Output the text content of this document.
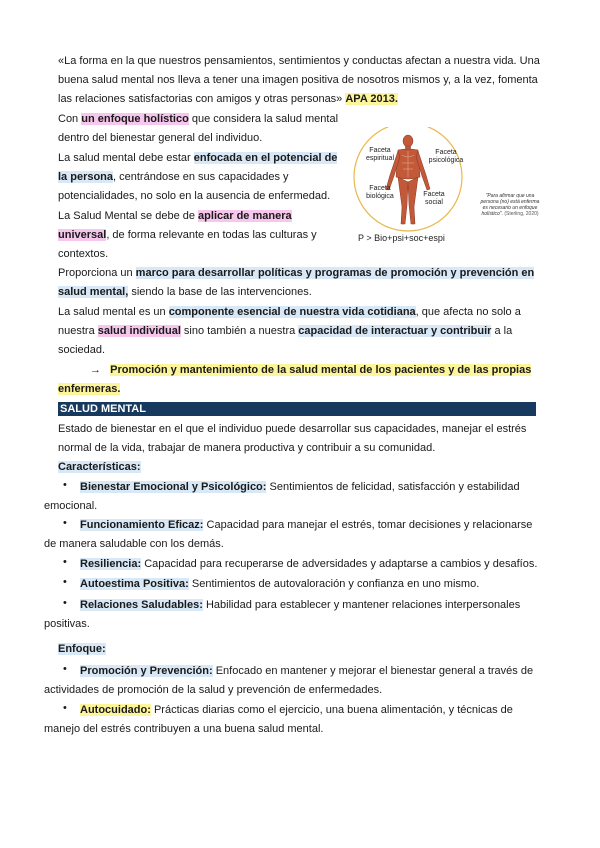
«La forma en la que nuestros pensamientos, sentimientos y conductas afectan a nuestra vida. Una

buena salud mental nos lleva a tener una imagen positiva de nosotros mismos y, a la vez, fomenta

las relaciones satisfactorias con amigos y otras personas» APA 2013.

Con un enfoque holístico que considera la salud mental

dentro del bienestar general del individuo.

La salud mental debe estar enfocada en el potencial de

la persona, centrándose en sus capacidades y

potencialidades, no solo en la ausencia de enfermedad.

La Salud Mental se debe de aplicar de manera

universal, de forma relevante en todas las culturas y

contextos.

Faceta espiritual
Faceta psicológica
Faceta biológica	Faceta social
P > Bio+psi+soc+espi
"Para afirmar que una persona (no) está enferma es necesario un enfoque holístico". (Sterling, 2020)

Proporciona un marco para desarrollar políticas y programas de promoción y prevención en

salud mental, siendo la base de las intervenciones.

La salud mental es un componente esencial de nuestra vida cotidiana, que afecta no solo a

nuestra salud individual sino también a nuestra capacidad de interactuar y contribuir a la

sociedad.

→ Promoción y mantenimiento de la salud mental de los pacientes y de las propias

enfermeras.

SALUD MENTAL

Estado de bienestar en el que el individuo puede desarrollar sus capacidades, manejar el estrés

normal de la vida, trabajar de manera productiva y contribuir a su comunidad.

Características:

• Bienestar Emocional y Psicológico: Sentimientos de felicidad, satisfacción y estabilidad

emocional.

• Funcionamiento Eficaz: Capacidad para manejar el estrés, tomar decisiones y relacionarse

de manera saludable con los demás.

• Resiliencia: Capacidad para recuperarse de adversidades y adaptarse a cambios y desafíos.

• Autoestima Positiva: Sentimientos de autovaloración y confianza en uno mismo.

• Relaciones Saludables: Habilidad para establecer y mantener relaciones interpersonales

positivas.

Enfoque:

• Promoción y Prevención: Enfocado en mantener y mejorar el bienestar general a través de

actividades de promoción de la salud y prevención de enfermedades.

• Autocuidado: Prácticas diarias como el ejercicio, una buena alimentación, y técnicas de

manejo del estrés contribuyen a una buena salud mental.
